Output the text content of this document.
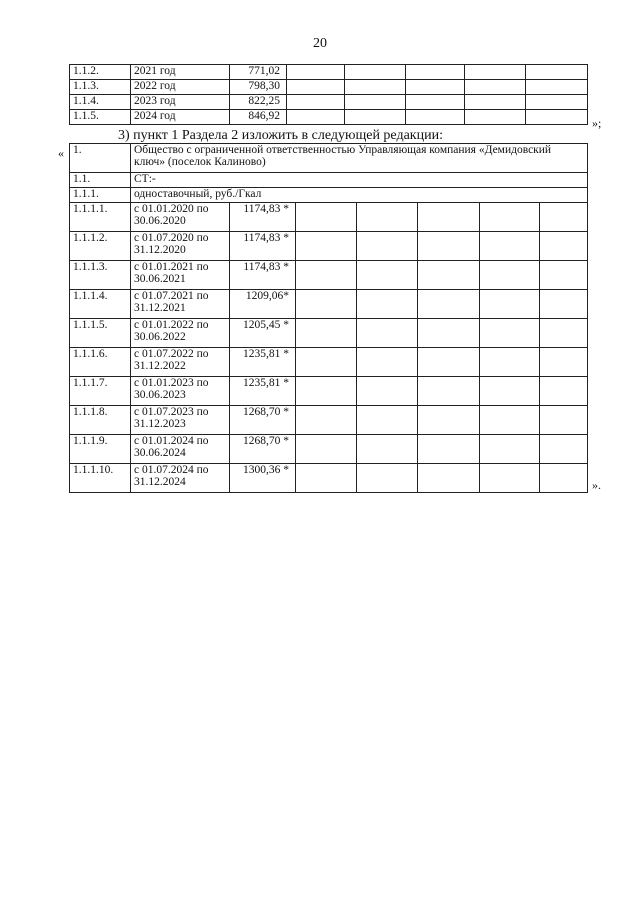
20
1.1.2.	2021 год	771,02					
1.1.3.	2022 год	798,30					
1.1.4.	2023 год	822,25					
1.1.5.	2024 год	846,92						»;
3) пункт 1 Раздела 2 изложить в следующей редакции:
« 1.	Общество с ограниченной ответственностью Управляющая компания «Демидовский ключ» (поселок Калиново)						
1.1.	СТ:-						
1.1.1.	одноставочный, руб./Гкал						
1.1.1.1.	с 01.01.2020 по 30.06.2020	1174,83 *					
1.1.1.2.	с 01.07.2020 по 31.12.2020	1174,83 *					
1.1.1.3.	с 01.01.2021 по 30.06.2021	1174,83 *					
1.1.1.4.	с 01.07.2021 по 31.12.2021	1209,06*					
1.1.1.5.	с 01.01.2022 по 30.06.2022	1205,45 *					
1.1.1.6.	с 01.07.2022 по 31.12.2022	1235,81 *					
1.1.1.7.	с 01.01.2023 по 30.06.2023	1235,81 *					
1.1.1.8.	с 01.07.2023 по 31.12.2023	1268,70 *					
1.1.1.9.	с 01.01.2024 по 30.06.2024	1268,70 *					
1.1.1.10.	с 01.07.2024 по 31.12.2024	1300,36 *					
».
